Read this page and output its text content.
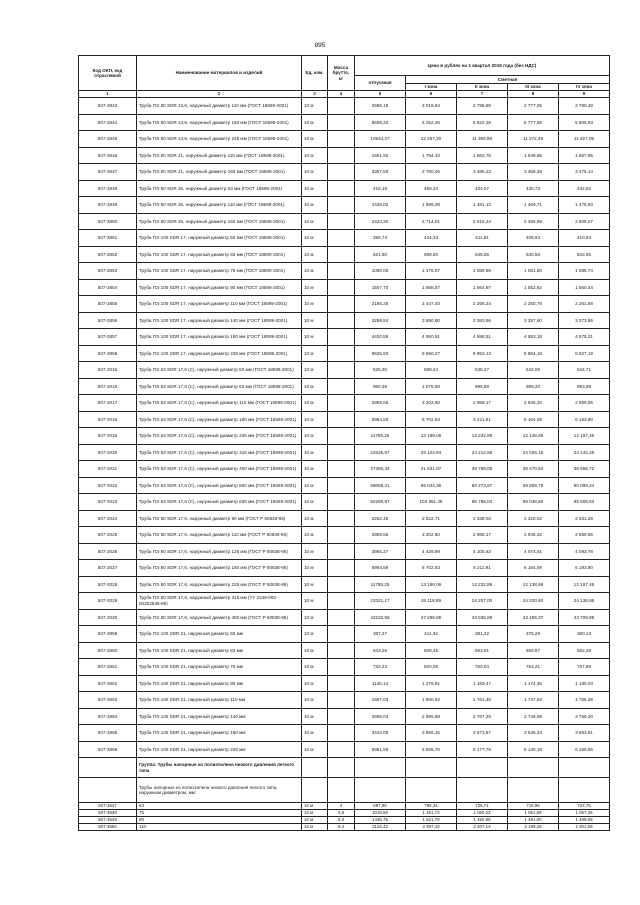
895
Код ОКП, код отраслевой	Наименование материалов и изделий	Ед. изм.	Масса брутто, кг	Цена в рублях на 1 квартал 2016 года (без НДС)				
				отпускная	Сметная			
					I зона	II зона	III зона	IV зона
1	2	3	4	5	6	7	8	9
507-2843	Труба ПЭ 80 SDR 13,6, наружный диаметр 110 мм (ГОСТ 18599-2001)	10 м		2696,19	3 019,64	2 798,59	2 777,06	2 790,48
507-2844	Труба ПЭ 80 SDR 13,6, наружный диаметр 160 мм (ГОСТ 18599-2001)	10 м		5608,33	6 252,26	5 822,38	5 777,56	5 805,53
507-2845	Труба ПЭ 80 SDR 13,6, наружный диаметр 225 мм (ГОСТ 18599-2001)	10 м		10944,27	12 257,20	11 359,98	11 272,49	11 327,05
507-2846	Труба ПЭ 80 SDR 21, наружный диаметр 110 мм (ГОСТ 18599-2001)	10 м		1601,92	1 794,10	1 662,76	1 649,96	1 657,95
507-2847	Труба ПЭ 80 SDR 21, наружный диаметр 160 мм (ГОСТ 18599-2001)	10 м		3357,59	3 760,46	3 485,23	3 458,39	3 475,14
507-2848	Труба ПЭ 80 SDR 26, наружный диаметр 63 мм (ГОСТ 18599-2001)	10 м		418,18	468,34	434,07	430,73	432,82
507-2849	Труба ПЭ 80 SDR 26, наружный диаметр 110 мм (ГОСТ 18599-2001)	10 м		1428,02	1 599,39	1 481,13	1 469,71	1 476,83
507-2850	Труба ПЭ 80 SDR 26, наружный диаметр 160 мм (ГОСТ 18599-2001)	10 м		2423,30	2 714,01	2 515,34	2 495,99	2 508,07
507-2851	Труба ПЭ 100 SDR 17, наружный диаметр 50 мм (ГОСТ 18599-2001)	10 м		396,74	444,33	411,81	408,63	410,63
507-2852	Труба ПЭ 100 SDR 17, наружный диаметр 63 мм (ГОСТ 18599-2001)	10 м		621,90	696,50	645,55	640,56	643,65
507-2853	Труба ПЭ 100 SDR 17, наружный диаметр 75 мм (ГОСТ 18599-2001)	10 м		1050,00	1 175,97	1 089,89	1 081,50	1 086,74
507-2854	Труба ПЭ 100 SDR 17, наружный диаметр 90 мм (ГОСТ 18599-2001)	10 м		1507,70	1 688,57	1 564,97	1 552,92	1 560,44
507-2855	Труба ПЭ 100 SDR 17, наружный диаметр 110 мм (ГОСТ 18599-2001)	10 м		2185,25	2 447,40	2 268,24	2 250,79	2 261,68
507-2856	Труба ПЭ 100 SDR 17, наружный диаметр 140 мм (ГОСТ 18599-2001)	10 м		3259,84	3 650,90	3 383,66	3 357,60	3 373,86
507-2857	Труба ПЭ 100 SDR 17, наружный диаметр 180 мм (ГОСТ 18599-2001)	10 м		4420,59	4 950,91	4 588,51	4 553,18	4 575,21
507-2858	Труба ПЭ 100 SDR 17, наружный диаметр 225 мм (ГОСТ 18599-2001)	10 м		8625,50	9 660,27	8 953,13	8 884,18	8 927,19
507-2015	Труба ПЭ 63 SDR 17,6 (С), наружный диаметр 50 мм (ГОСТ 18599-2001)	10 м		526,30	589,44	546,27	542,09	544,71
507-2016	Труба ПЭ 63 SDR 17,6 (С), наружный диаметр 63 мм (ГОСТ 18599-2001)	10 м		960,38	1 075,60	996,88	989,20	993,98
507-2017	Труба ПЭ 63 SDR 17,6 (С), наружный диаметр 110 мм (ГОСТ 18599-2001)	10 м		2859,55	3 202,60	2 968,17	2 945,32	2 959,55
507-2018	Труба ПЭ 63 SDR 17,6 (С), наружный диаметр 160 мм (ГОСТ 18599-2001)	10 м		5984,59	6 702,53	6 211,91	6 164,09	6 193,90
507-2019	Труба ПЭ 63 SDR 17,6 (С), наружный диаметр 225 мм (ГОСТ 18599-2001)	10 м		11785,25	13 199,06	12 232,89	12 138,69	12 197,46
507-2020	Труба ПЭ 63 SDR 17,6 (С), наружный диаметр 315 мм (ГОСТ 18599-2001)	10 м		23326,57	26 124,94	24 212,59	24 026,15	24 142,45
507-2021	Труба ПЭ 63 SDR 17,6 (С), наружный диаметр 400 мм (ГОСТ 18599-2001)	10 м		37360,34	41 831,07	38 769,05	38 470,54	38 656,72
507-2022	Труба ПЭ 63 SDR 17,6 (С), наружный диаметр 500 мм (ГОСТ 18599-2001)	10 м		58068,21	65 034,36	60 273,67	59 809,75	60 099,24
507-2023	Труба ПЭ 63 SDR 17,6 (С), наружный диаметр 630 мм (ГОСТ 18599-2001)	10 м		92280,87	103 351,36	95 786,04	95 048,50	95 508,53
507-2024	Труба ПЭ 80 SDR 17,6, наружный диаметр 90 мм (ГОСТ Р 50838-95)	10 м		2252,48	2 522,71	2 338,03	2 320,02	2 331,28
507-2025	Труба ПЭ 80 SDR 17,6, наружный диаметр 110 мм (ГОСТ Р 50838-95)	10 м		2859,55	3 202,60	2 968,17	2 945,32	2 959,55
507-2026	Труба ПЭ 80 SDR 17,6, наружный диаметр 125 мм (ГОСТ Р 50838-95)	10 м		3955,37	4 429,89	4 105,63	4 074,01	4 093,78
507-2027	Труба ПЭ 80 SDR 17,6, наружный диаметр 160 мм (ГОСТ Р 50838-95)	10 м		5984,59	6 702,53	6 211,91	6 164,09	6 193,90
507-2028	Труба ПЭ 80 SDR 17,6, наружный диаметр 225 мм (ГОСТ Р 50838-95)	10 м		11785,25	13 199,06	12 232,89	12 138,69	12 197,46
507-2029	Труба ПЭ 80 SDR 17,6, наружный диаметр 315 мм (ТУ 2248-062-00203536-99)	10 м		23321,17	26 118,89	24 207,00	24 020,60	24 136,86
507-2030	Труба ПЭ 80 SDR 17,6, наружный диаметр 400 мм (ГОСТ Р 50838-95)	10 м		42232,55	47 298,98	43 836,69	43 499,37	43 709,89
507-2859	Труба ПЭ 100 SDR 21, наружный диаметр 50 мм	10 м		367,27	411,34	381,22	378,29	380,13
507-2860	Труба ПЭ 100 SDR 21, наружный диаметр 63 мм	10 м		543,26	608,45	563,91	559,57	562,28
507-2861	Труба ПЭ 100 SDR 21, наружный диаметр 75 мм	10 м		732,23	820,06	760,04	754,21	757,86
507-2862	Труба ПЭ 100 SDR 21, наружный диаметр 90 мм	10 м		1140,14	1 276,91	1 183,47	1 174,35	1 180,03
507-2863	Труба ПЭ 100 SDR 21, наружный диаметр 110 мм	10 м		1697,03	1 900,62	1 761,48	1 747,93	1 756,39
507-2864	Труба ПЭ 100 SDR 21, наружный диаметр 140 мм	10 м		2666,04	2 985,88	2 767,29	2 745,99	2 759,30
507-2865	Труба ПЭ 100 SDR 21, наружный диаметр 180 мм	10 м		3443,09	3 856,15	3 573,87	3 546,34	3 563,81
507-2866	Труба ПЭ 100 SDR 21, наружный диаметр 225 мм	10 м		5951,69	6 665,70	6 177,78	6 130,19	6 159,86
	Группа: Трубы напорные из полиэтилена низкого давления легкого типа							
	Трубы напорные из полиэтилена низкого давления легкого типа, наружным диаметром, мм:							
507-3547	63	10 м	4	697,90	768,34	725,71	719,86	723,75
507-3548	75	10 м	4,8	1019,59	1 151,73	1 060,22	1 051,58	1 057,36
507-3549	90	10 м	6,3	1435,75	1 621,79	1 492,98	1 481,00	1 489,09
507-3550	110	10 м	9,4	2122,42	2 397,43	2 207,13	2 189,28	2 201,09
